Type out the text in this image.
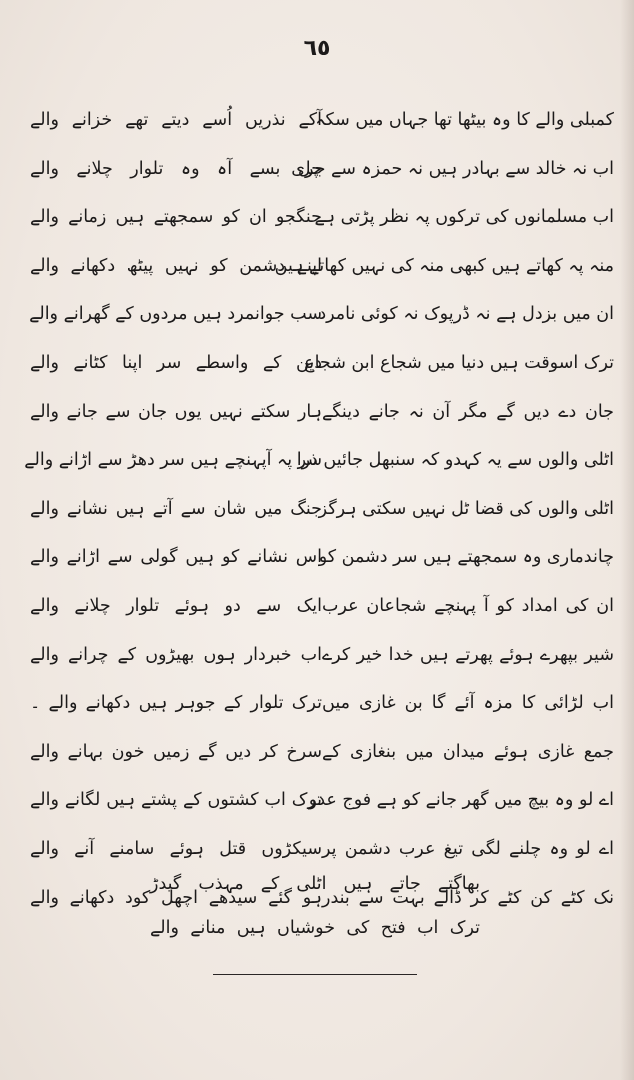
٦٥
کمبلی والے کا وہ بیٹھا تھا جہاں میں سکہ
اب نہ خالد سے بہادر ہیں نہ حمزہ سے جری
اب مسلمانوں کی ترکوں پہ نظر پڑتی ہے
منہ پہ کھاتے ہیں کبھی منہ کی نہیں کھاتے ہیں
ان میں بزدل ہے نہ ڈرپوک نہ کوئی نامرد
ترک اسوقت ہیں دنیا میں شجاع ابن شجاع
جان دے دیں گے مگر آن نہ جانے دینگے
اٹلی والوں سے یہ کہدو کہ سنبھل جائیں ذرا
اٹلی والوں کی قضا ٹل نہیں سکتی ہرگز
چاندماری وہ سمجھتے ہیں سر دشمن کو
ان کی امداد کو آ پہنچے شجاعان عرب
شیر بپھرے ہوئے پھرتے ہیں خدا خیر کرے
اب لڑائی کا مزہ آئے گا بن غازی میں
جمع غازی ہوئے میدان میں بنغازی کے
اے لو وہ بیچ میں گھر جانے کو ہے فوج عدو
اے لو وہ چلنے لگی تیغ عرب دشمن پر
نک کٹے کن کٹے کر ڈالے بہت سے بندر
آکے نذریں اُسے دیتے تھے خزانے والے
چل بسے آہ وہ تلوار چلانے والے
جنگجو ان کو سمجھتے ہیں زمانے والے
اپنے دشمن کو نہیں پیٹھ دکھانے والے
سب جوانمرد ہیں مردوں کے گھرانے والے
دین کے واسطے سر اپنا کٹانے والے
ہار سکتے نہیں یوں جان سے جانے والے
سر پہ آپہنچے ہیں سر دھڑ سے اڑانے والے
جنگ میں شان سے آتے ہیں نشانے والے
اس نشانے کو ہیں گولی سے اڑانے والے
ایک سے دو ہوئے تلوار چلانے والے
اب خبردار ہوں بھیڑوں کے چرانے والے
ترک تلوار کے جوہر ہیں دکھانے والے ۔
سرخ کر دیں گے زمیں خون بہانے والے
ترک اب کشتوں کے پشتے ہیں لگانے والے
سیکڑوں قتل ہوئے سامنے آنے والے
ہو گئے سیدھے اچھل کود دکھانے والے
بھاگتے جاتے ہیں اٹلی کے مہذب گیدڑ
ترک اب فتح کی خوشیاں ہیں منانے والے
